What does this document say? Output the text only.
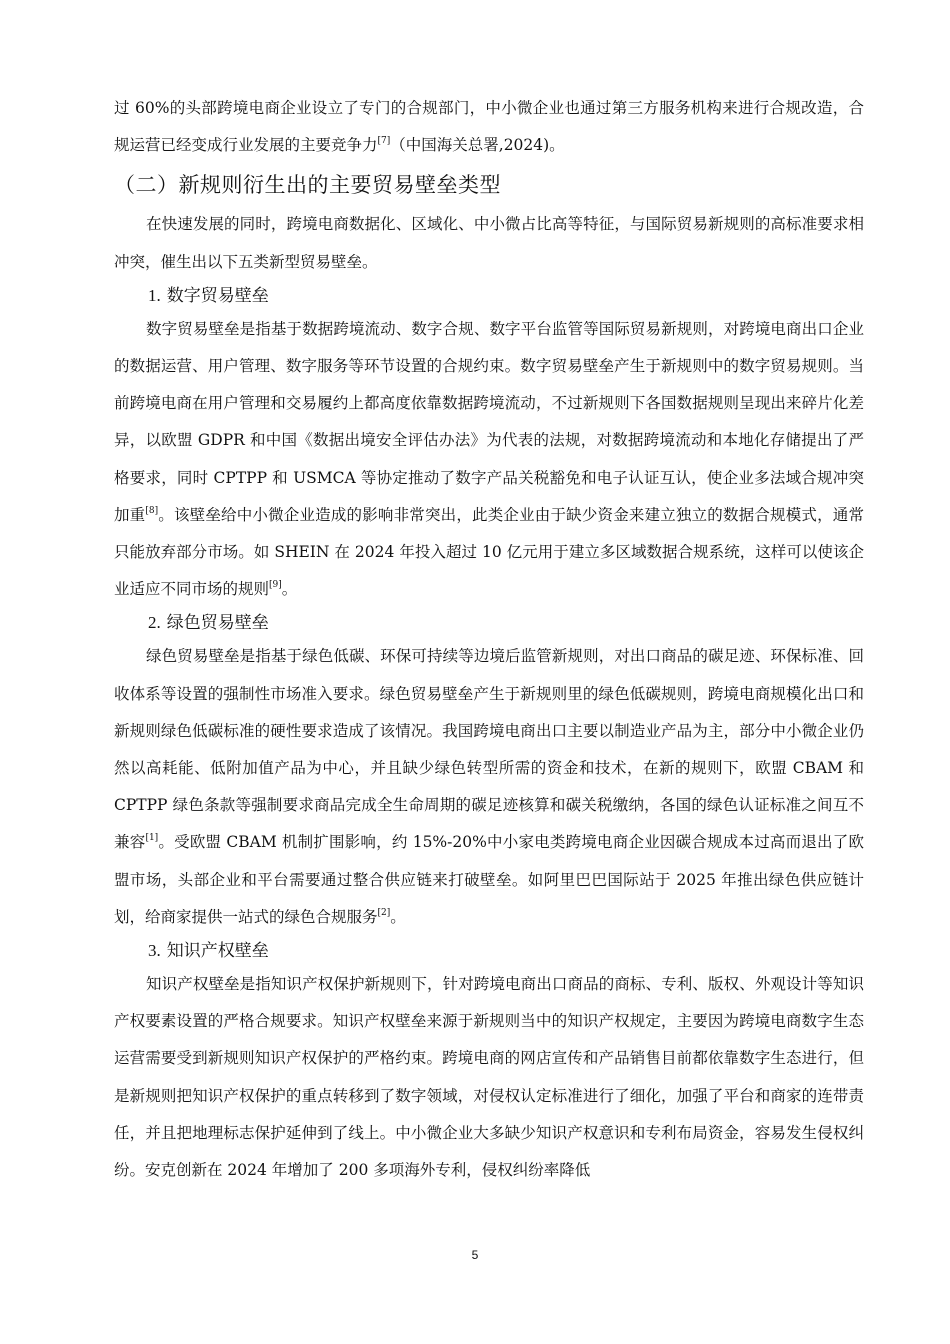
过 60%的头部跨境电商企业设立了专门的合规部门，中小微企业也通过第三方服务机构来进行合规改造，合规运营已经变成行业发展的主要竞争力[7]（中国海关总署,2024)。

（二）新规则衍生出的主要贸易壁垒类型

在快速发展的同时，跨境电商数据化、区域化、中小微占比高等特征，与国际贸易新规则的高标准要求相冲突，催生出以下五类新型贸易壁垒。

1. 数字贸易壁垒

数字贸易壁垒是指基于数据跨境流动、数字合规、数字平台监管等国际贸易新规则，对跨境电商出口企业的数据运营、用户管理、数字服务等环节设置的合规约束。数字贸易壁垒产生于新规则中的数字贸易规则。当前跨境电商在用户管理和交易履约上都高度依靠数据跨境流动，不过新规则下各国数据规则呈现出来碎片化差异，以欧盟 GDPR 和中国《数据出境安全评估办法》为代表的法规，对数据跨境流动和本地化存储提出了严格要求，同时 CPTPP 和 USMCA 等协定推动了数字产品关税豁免和电子认证互认，使企业多法域合规冲突加重[8]。该壁垒给中小微企业造成的影响非常突出，此类企业由于缺少资金来建立独立的数据合规模式，通常只能放弃部分市场。如 SHEIN 在 2024 年投入超过 10 亿元用于建立多区域数据合规系统，这样可以使该企业适应不同市场的规则[9]。

2. 绿色贸易壁垒

绿色贸易壁垒是指基于绿色低碳、环保可持续等边境后监管新规则，对出口商品的碳足迹、环保标准、回收体系等设置的强制性市场准入要求。绿色贸易壁垒产生于新规则里的绿色低碳规则，跨境电商规模化出口和新规则绿色低碳标准的硬性要求造成了该情况。我国跨境电商出口主要以制造业产品为主，部分中小微企业仍然以高耗能、低附加值产品为中心，并且缺少绿色转型所需的资金和技术，在新的规则下，欧盟 CBAM 和 CPTPP 绿色条款等强制要求商品完成全生命周期的碳足迹核算和碳关税缴纳，各国的绿色认证标准之间互不兼容[1]。受欧盟 CBAM 机制扩围影响，约 15%-20%中小家电类跨境电商企业因碳合规成本过高而退出了欧盟市场，头部企业和平台需要通过整合供应链来打破壁垒。如阿里巴巴国际站于 2025 年推出绿色供应链计划，给商家提供一站式的绿色合规服务[2]。

3. 知识产权壁垒

知识产权壁垒是指知识产权保护新规则下，针对跨境电商出口商品的商标、专利、版权、外观设计等知识产权要素设置的严格合规要求。知识产权壁垒来源于新规则当中的知识产权规定，主要因为跨境电商数字生态运营需要受到新规则知识产权保护的严格约束。跨境电商的网店宣传和产品销售目前都依靠数字生态进行，但是新规则把知识产权保护的重点转移到了数字领域，对侵权认定标准进行了细化，加强了平台和商家的连带责任，并且把地理标志保护延伸到了线上。中小微企业大多缺少知识产权意识和专利布局资金，容易发生侵权纠纷。安克创新在 2024 年增加了 200 多项海外专利，侵权纠纷率降低

5
